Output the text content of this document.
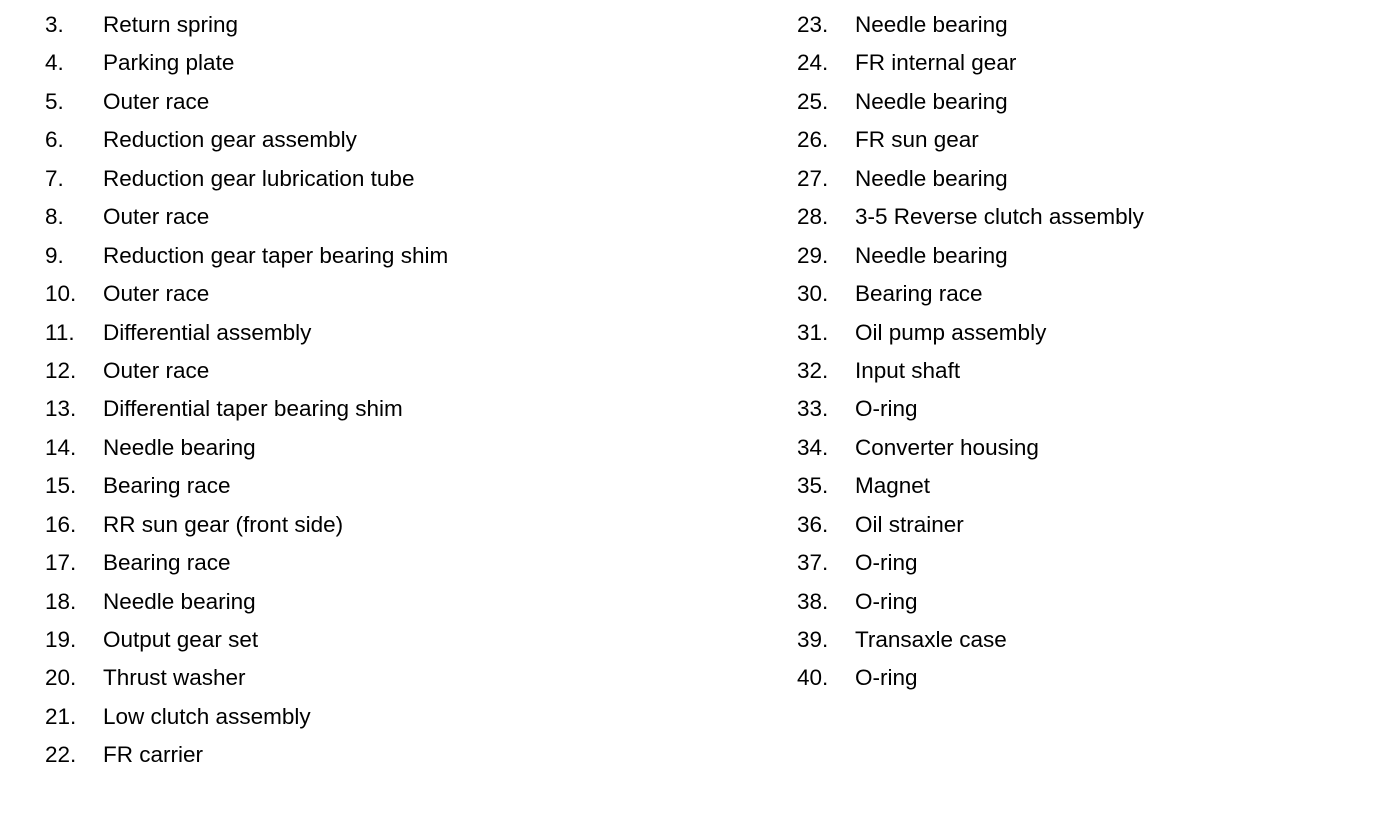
3.	Return spring
4.	Parking plate
5.	Outer race
6.	Reduction gear assembly
7.	Reduction gear lubrication tube
8.	Outer race
9.	Reduction gear taper bearing shim
10.	Outer race
11.	Differential assembly
12.	Outer race
13.	Differential taper bearing shim
14.	Needle bearing
15.	Bearing race
16.	RR sun gear (front side)
17.	Bearing race
18.	Needle bearing
19.	Output gear set
20.	Thrust washer
21.	Low clutch assembly
22.	FR carrier
23.	Needle bearing
24.	FR internal gear
25.	Needle bearing
26.	FR sun gear
27.	Needle bearing
28.	3-5 Reverse clutch assembly
29.	Needle bearing
30.	Bearing race
31.	Oil pump assembly
32.	Input shaft
33.	O-ring
34.	Converter housing
35.	Magnet
36.	Oil strainer
37.	O-ring
38.	O-ring
39.	Transaxle case
40.	O-ring
